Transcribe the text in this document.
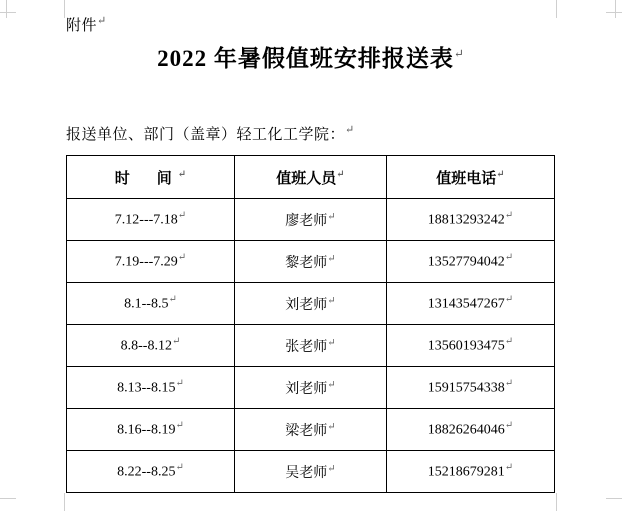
附件↵
2022 年暑假值班安排报送表↵
报送单位、部门（盖章）轻工化工学院：↵
时　间↵	值班人员↵	值班电话↵
7.12---7.18↵	廖老师↵	18813293242↵
7.19---7.29↵	黎老师↵	13527794042↵
8.1--8.5↵	刘老师↵	13143547267↵
8.8--8.12↵	张老师↵	13560193475↵
8.13--8.15↵	刘老师↵	15915754338↵
8.16--8.19↵	梁老师↵	18826264046↵
8.22--8.25↵	吴老师↵	15218679281↵
